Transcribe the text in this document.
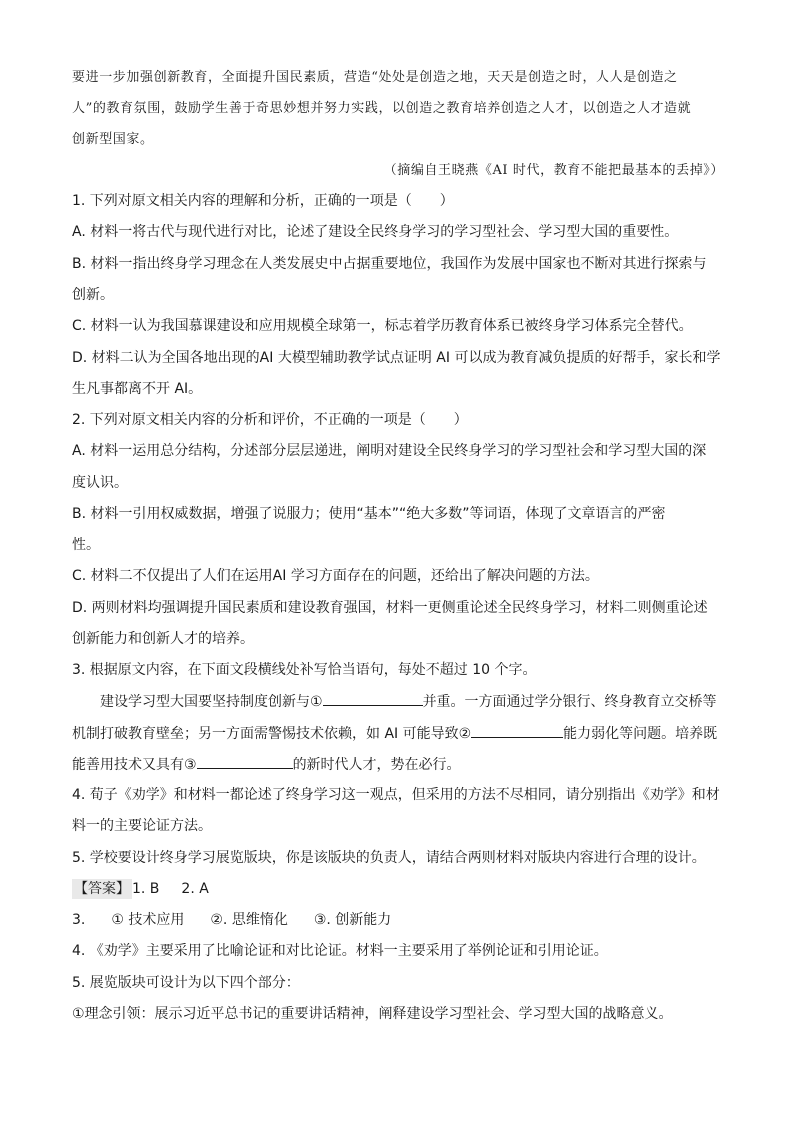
要进一步加强创新教育，全面提升国民素质，营造“处处是创造之地，天天是创造之时，人人是创造之
人”的教育氛围，鼓励学生善于奇思妙想并努力实践，以创造之教育培养创造之人才，以创造之人才造就
创新型国家。
（摘编自王晓燕《AI 时代，教育不能把最基本的丢掉》）
1. 下列对原文相关内容的理解和分析，正确的一项是（　　）
A. 材料一将古代与现代进行对比，论述了建设全民终身学习的学习型社会、学习型大国的重要性。
B. 材料一指出终身学习理念在人类发展史中占据重要地位，我国作为发展中国家也不断对其进行探索与
创新。
C. 材料一认为我国慕课建设和应用规模全球第一，标志着学历教育体系已被终身学习体系完全替代。
D. 材料二认为全国各地出现的AI 大模型辅助教学试点证明 AI 可以成为教育减负提质的好帮手，家长和学
生凡事都离不开 AI。
2. 下列对原文相关内容的分析和评价，不正确的一项是（　　）
A. 材料一运用总分结构，分述部分层层递进，阐明对建设全民终身学习的学习型社会和学习型大国的深
度认识。
B. 材料一引用权威数据，增强了说服力；使用“基本”“绝大多数”等词语，体现了文章语言的严密
性。
C. 材料二不仅提出了人们在运用AI 学习方面存在的问题，还给出了解决问题的方法。
D. 两则材料均强调提升国民素质和建设教育强国，材料一更侧重论述全民终身学习，材料二则侧重论述
创新能力和创新人才的培养。
3. 根据原文内容，在下面文段横线处补写恰当语句，每处不超过 10 个字。
建设学习型大国要坚持制度创新与①	并重。一方面通过学分银行、终身教育立交桥等
机制打破教育壁垒；另一方面需警惕技术依赖，如 AI 可能导致②	能力弱化等问题。培养既
能善用技术又具有③	的新时代人才，势在必行。
4. 荀子《劝学》和材料一都论述了终身学习这一观点，但采用的方法不尽相同，请分别指出《劝学》和材
料一的主要论证方法。
5. 学校要设计终身学习展览版块，你是该版块的负责人，请结合两则材料对版块内容进行合理的设计。
【答案】 1. B 2. A
3. ① 技术应用 ②. 思维惰化 ③. 创新能力
4. 《劝学》主要采用了比喻论证和对比论证。材料一主要采用了举例论证和引用论证。
5. 展览版块可设计为以下四个部分：
①理念引领：展示习近平总书记的重要讲话精神，阐释建设学习型社会、学习型大国的战略意义。
